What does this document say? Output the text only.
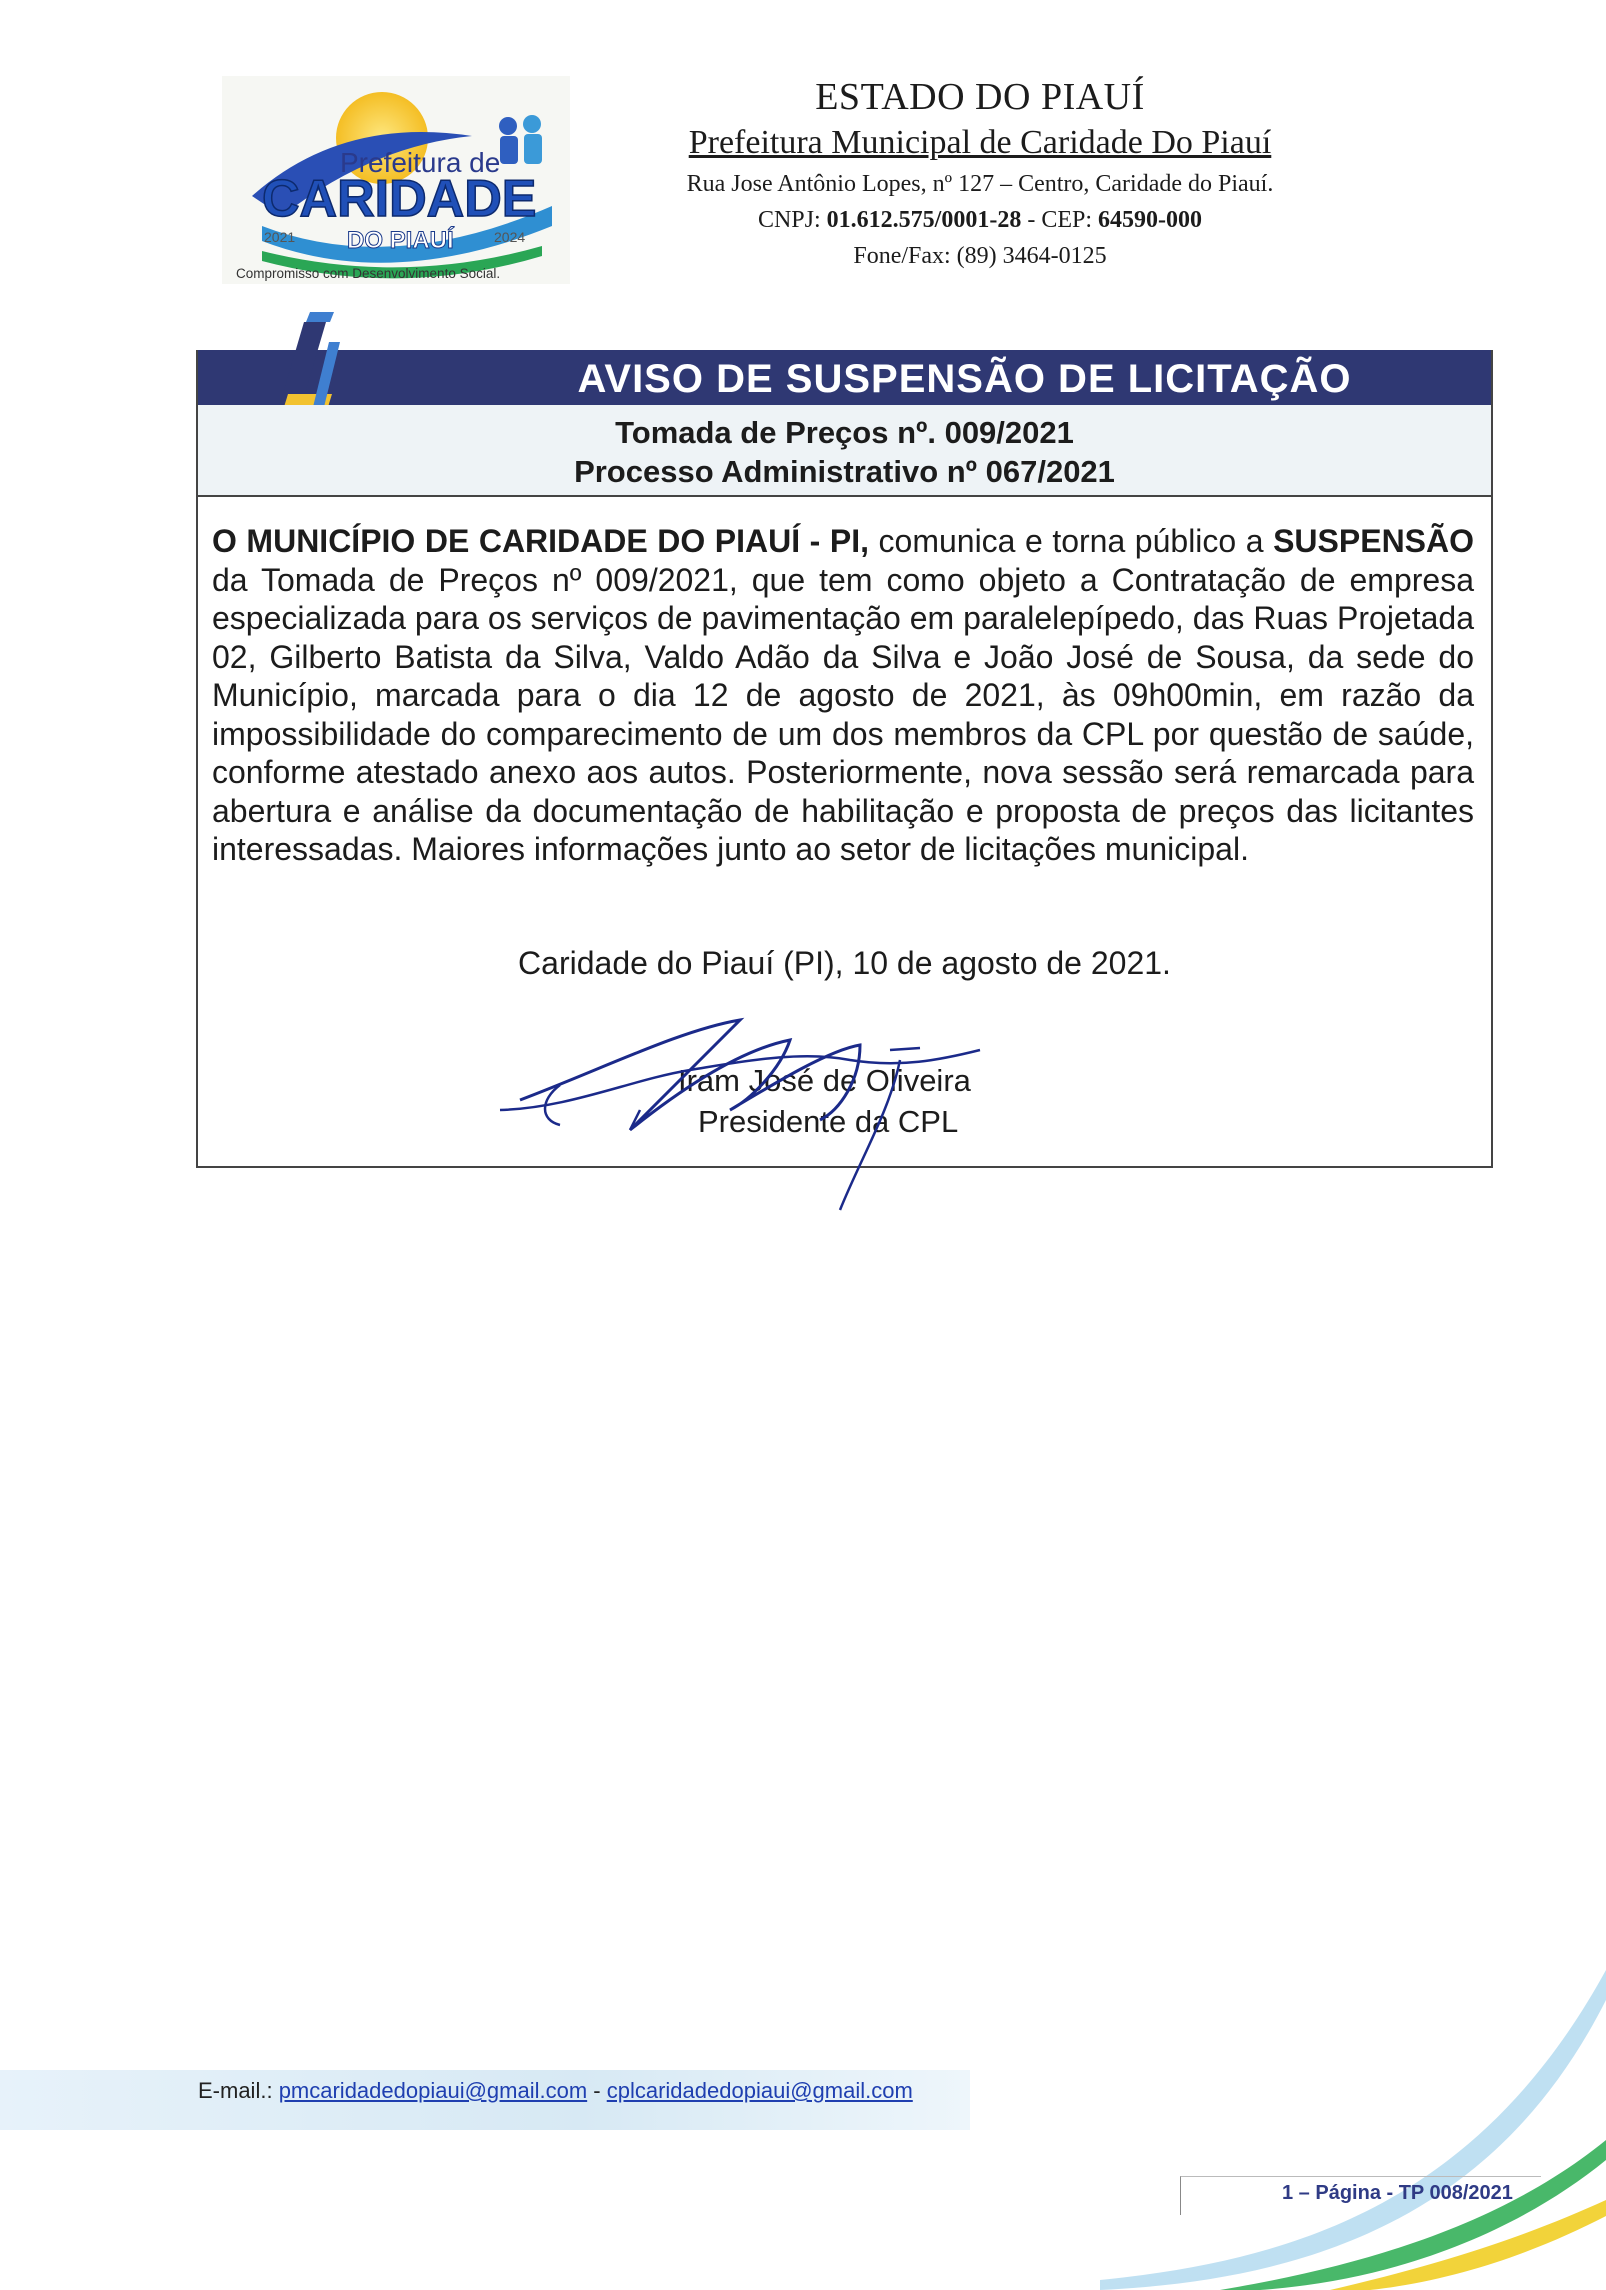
Prefeitura de
CARIDADE
DO PIAUÍ
2021	2024
Compromisso com Desenvolvimento Social.
ESTADO DO PIAUÍ
Prefeitura Municipal de Caridade Do Piauí
Rua Jose Antônio Lopes, nº 127 – Centro, Caridade do Piauí.
CNPJ: 01.612.575/0001-28 - CEP: 64590-000
Fone/Fax: (89) 3464-0125
AVISO DE SUSPENSÃO DE LICITAÇÃO
Tomada de Preços nº. 009/2021
Processo Administrativo nº 067/2021
O MUNICÍPIO DE CARIDADE DO PIAUÍ - PI, comunica e torna público a SUSPENSÃO da Tomada de Preços nº 009/2021, que tem como objeto a Contratação de empresa especializada para os serviços de pavimentação em paralelepípedo, das Ruas Projetada 02, Gilberto Batista da Silva, Valdo Adão da Silva e João José de Sousa, da sede do Município, marcada para o dia 12 de agosto de 2021, às 09h00min, em razão da impossibilidade do comparecimento de um dos membros da CPL por questão de saúde, conforme atestado anexo aos autos. Posteriormente, nova sessão será remarcada para abertura e análise da documentação de habilitação e proposta de preços das licitantes interessadas. Maiores informações junto ao setor de licitações municipal.
Caridade do Piauí (PI), 10 de agosto de 2021.
Iram José de Oliveira
Presidente da CPL
E-mail.: pmcaridadedopiaui@gmail.com - cplcaridadedopiaui@gmail.com
1 – Página - TP 008/2021
